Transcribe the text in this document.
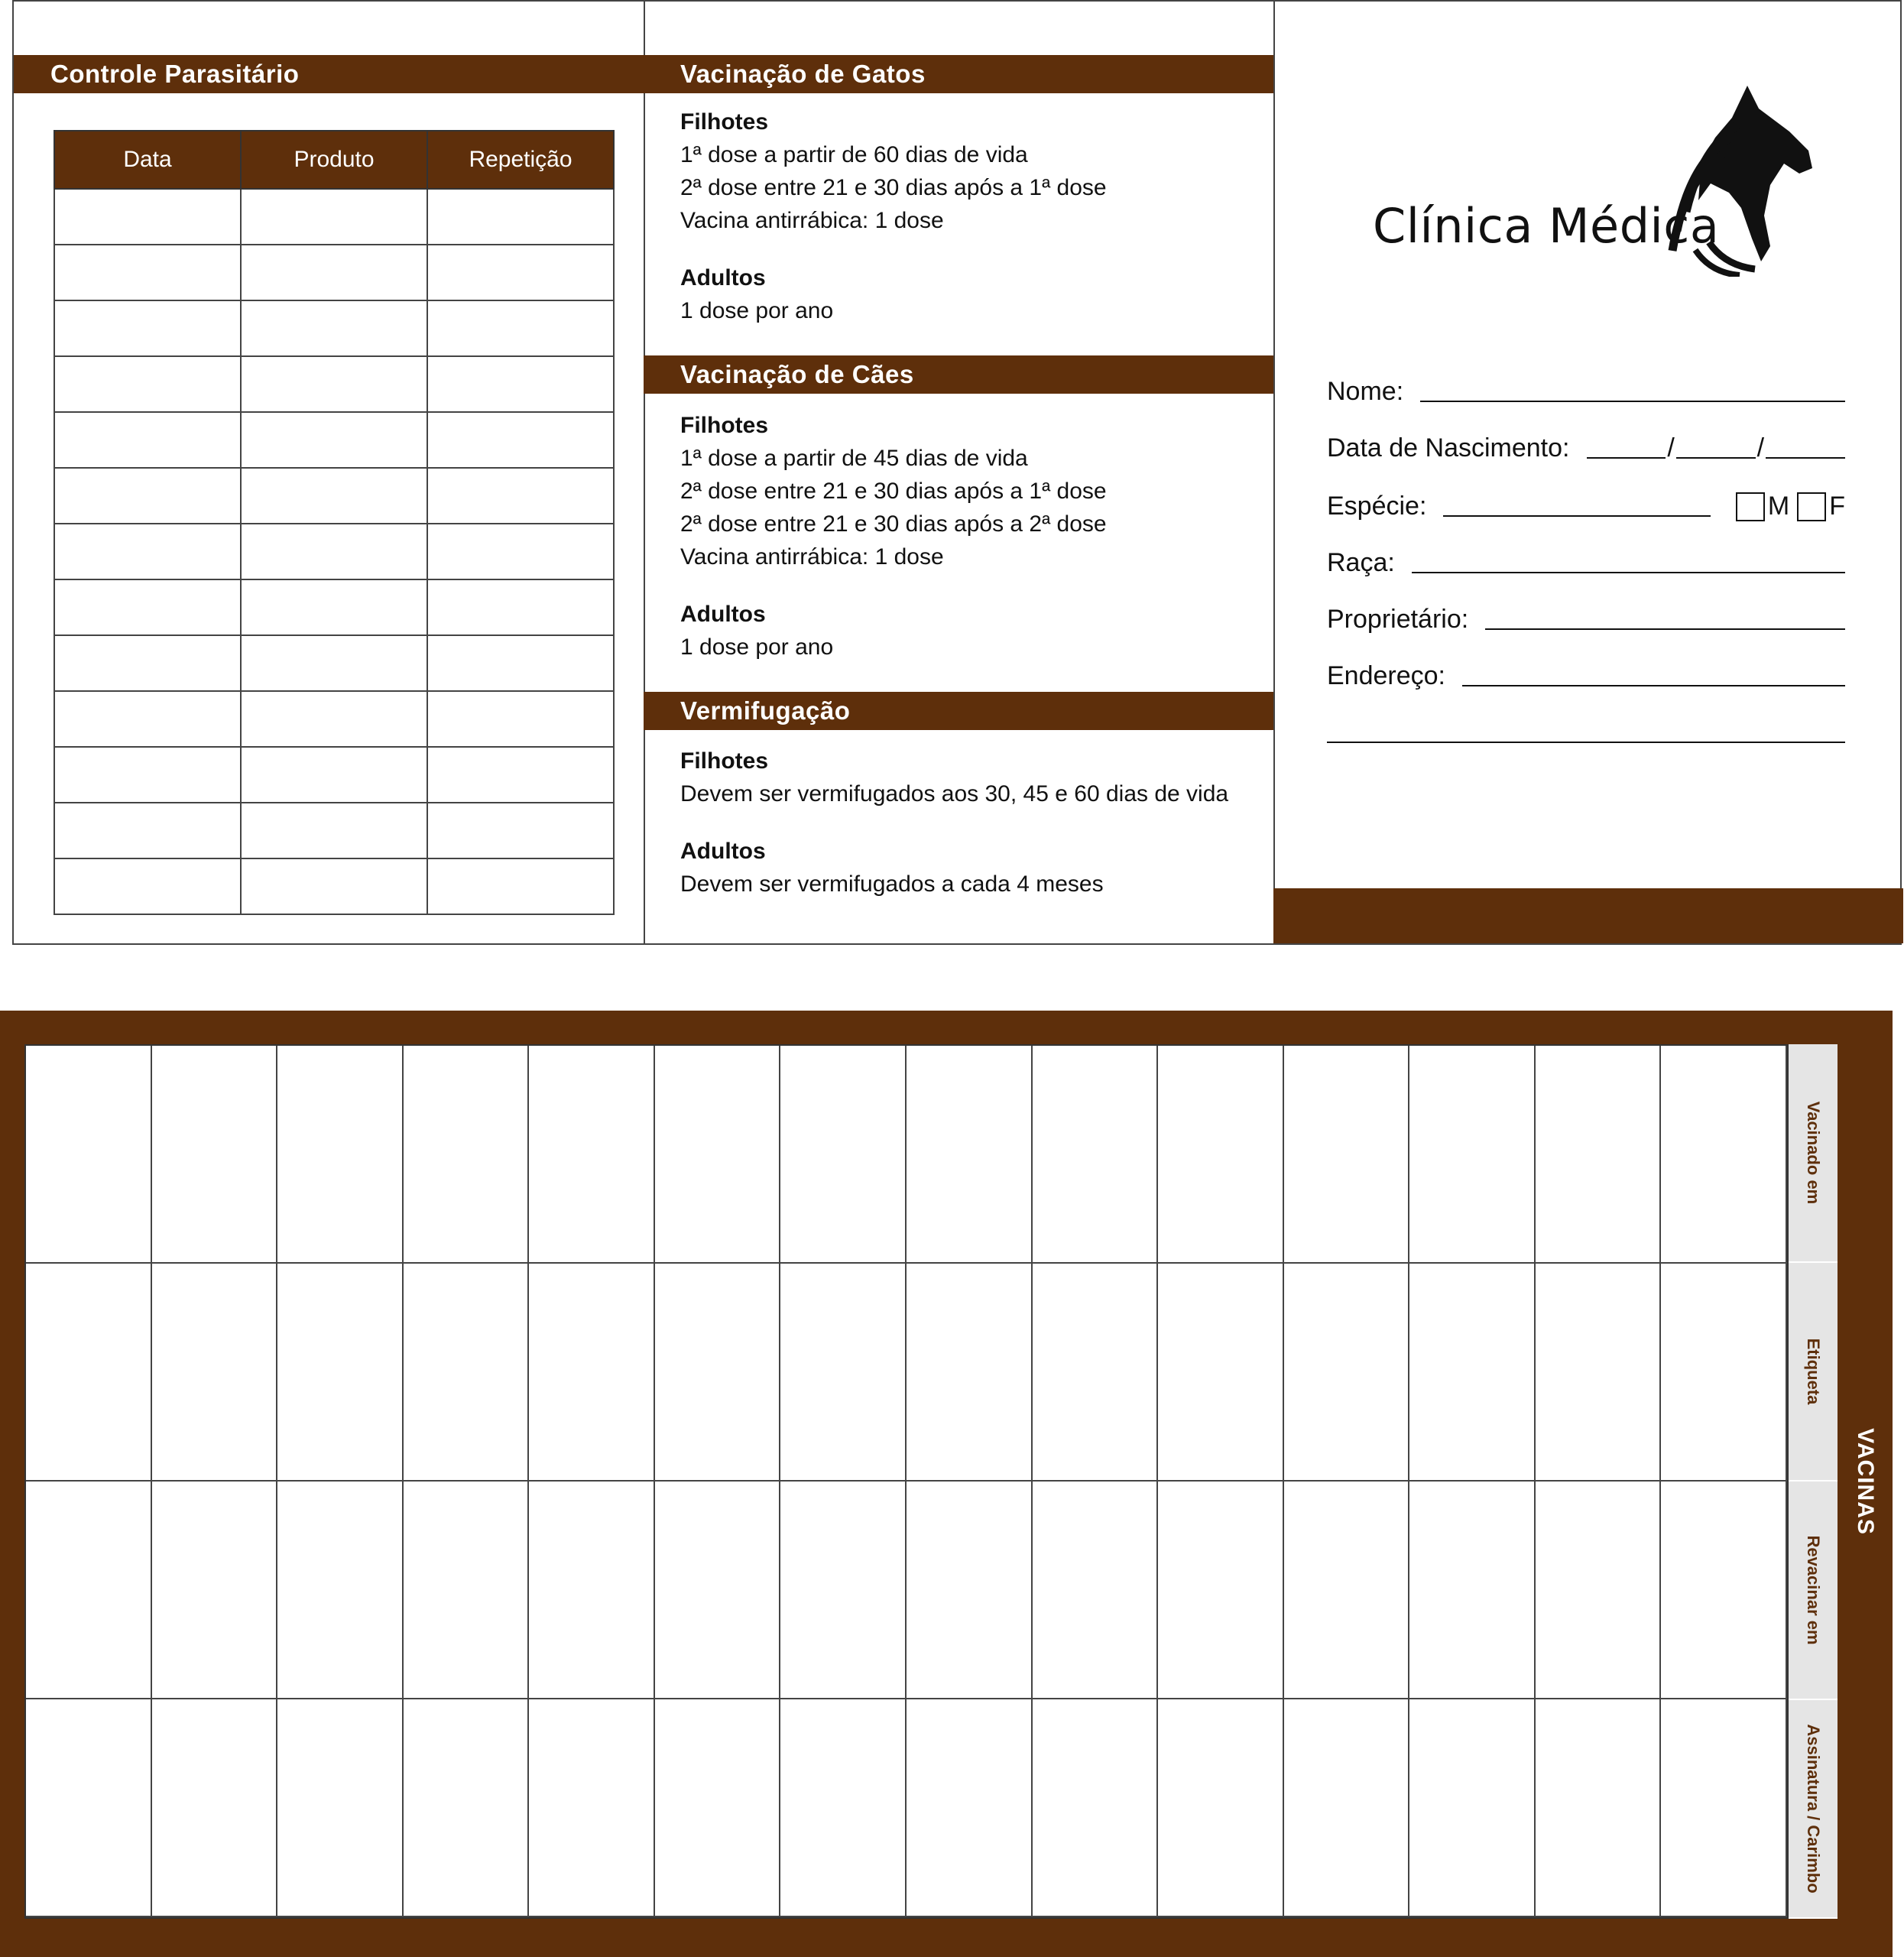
Controle Parasitário
Data	Produto	Repetição

Vacinação de Gatos
Filhotes
1ª dose a partir de 60 dias de vida
2ª dose entre 21 e 30 dias após a 1ª dose
Vacina antirrábica: 1 dose
Adultos
1 dose por ano
Vacinação de Cães
Filhotes
1ª dose a partir de 45 dias de vida
2ª dose entre 21 e 30 dias após a 1ª dose
2ª dose entre 21 e 30 dias após a 2ª dose
Vacina antirrábica: 1 dose
Adultos
1 dose por ano
Vermifugação
Filhotes
Devem ser vermifugados aos 30, 45 e 60 dias de vida
Adultos
Devem ser vermifugados a cada 4 meses
Clínica Médica
Nome:
Data de Nascimento:	/	/
Espécie:	M F
Raça:
Proprietário:
Endereço:
Vacinado em
Etiqueta
Revacinar em
Assinatura / Carimbo
VACINAS
